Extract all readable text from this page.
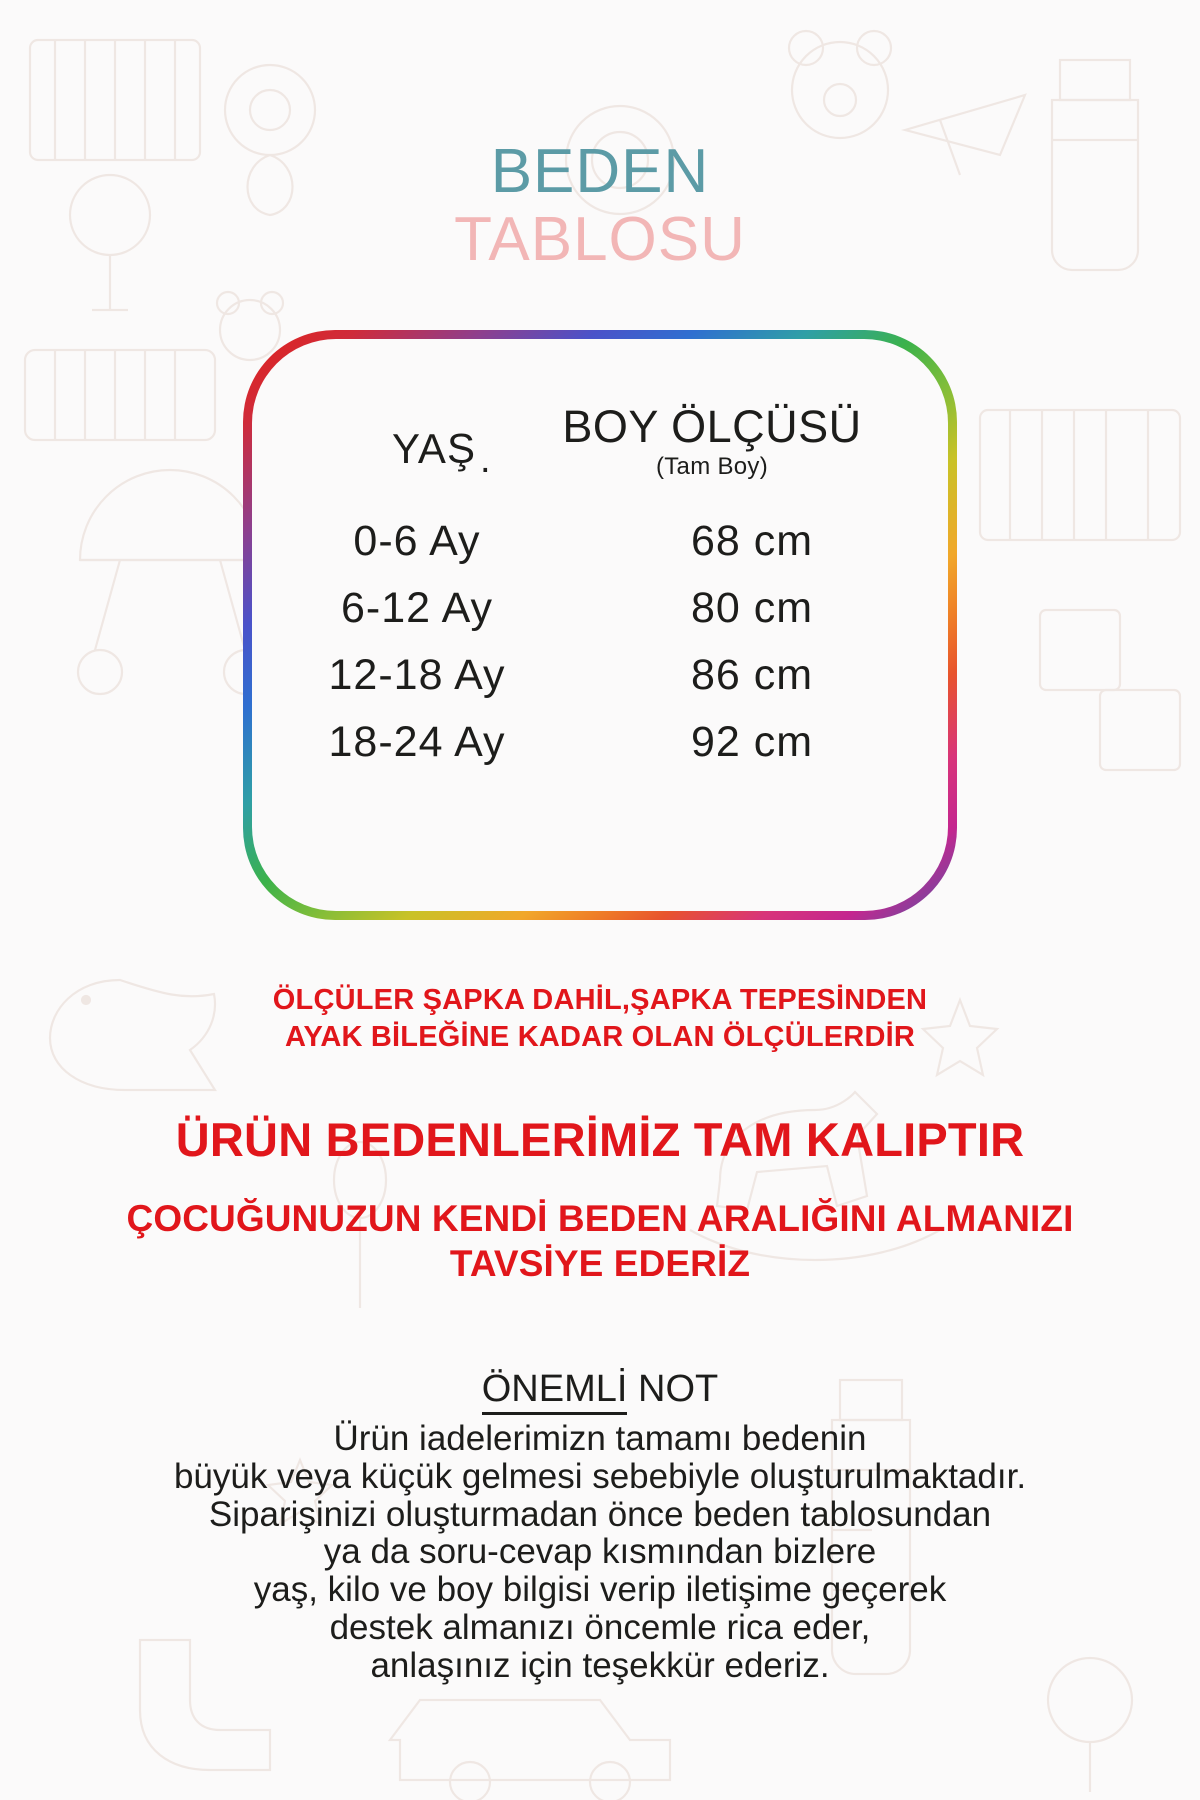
BEDEN
TABLOSU
YAŞ .
BOY ÖLÇÜSÜ
(Tam Boy)
0-6 Ay	68 cm
6-12 Ay	80 cm
12-18 Ay	86 cm
18-24 Ay	92 cm
ÖLÇÜLER ŞAPKA DAHİL,ŞAPKA TEPESİNDEN
AYAK BİLEĞİNE KADAR OLAN ÖLÇÜLERDİR
ÜRÜN BEDENLERİMİZ TAM KALIPTIR
ÇOCUĞUNUZUN KENDİ BEDEN ARALIĞINI ALMANIZI
TAVSİYE EDERİZ
ÖNEMLİ NOT
Ürün iadelerimizn tamamı bedenin
büyük veya küçük gelmesi sebebiyle oluşturulmaktadır.
Siparişinizi oluşturmadan önce beden tablosundan
ya da soru-cevap kısmından bizlere
yaş, kilo ve boy bilgisi verip iletişime geçerek
destek almanızı öncemle rica eder,
anlaşınız için teşekkür ederiz.
